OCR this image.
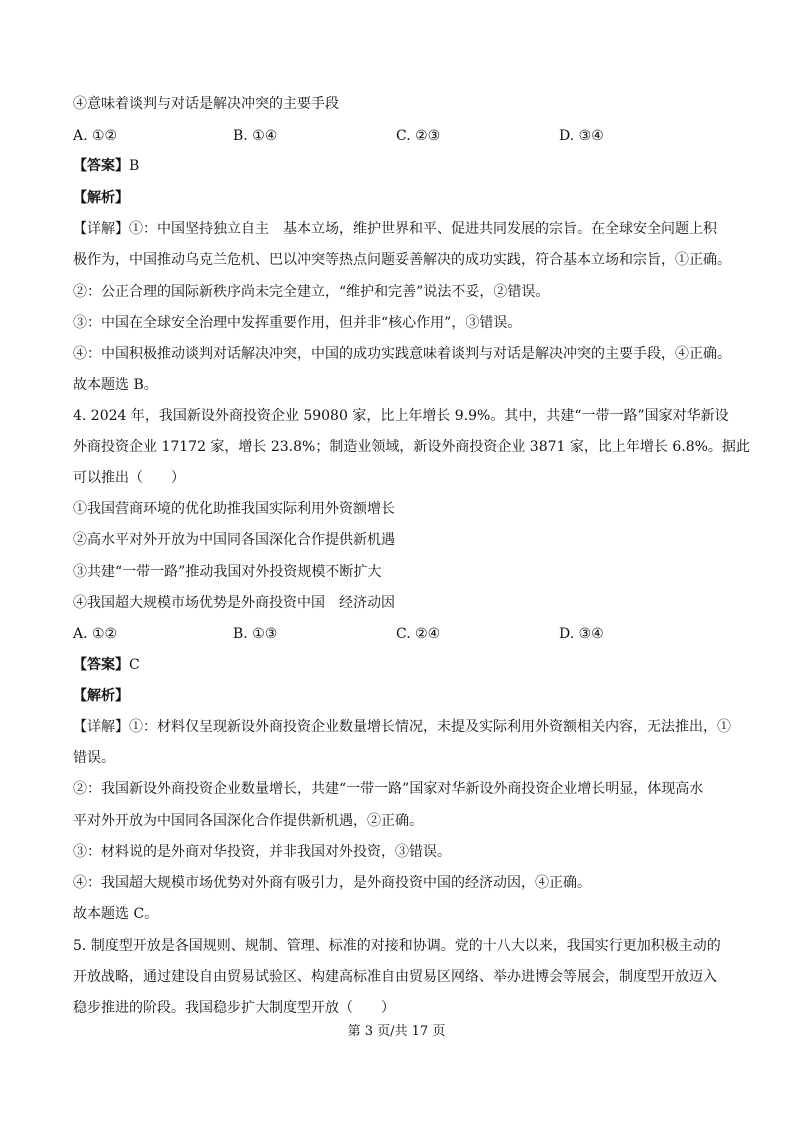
④意味着谈判与对话是解决冲突的主要手段
A. ①②	B. ①④	C. ②③	D. ③④
【答案】B
【解析】
【详解】①：中国坚持独立自主　基本立场，维护世界和平、促进共同发展的宗旨。在全球安全问题上积
极作为，中国推动乌克兰危机、巴以冲突等热点问题妥善解决的成功实践，符合基本立场和宗旨，①正确。
②：公正合理的国际新秩序尚未完全建立，“维护和完善”说法不妥，②错误。
③：中国在全球安全治理中发挥重要作用，但并非“核心作用”，③错误。
④：中国积极推动谈判对话解决冲突，中国的成功实践意味着谈判与对话是解决冲突的主要手段，④正确。
故本题选 B。
4. 2024 年，我国新设外商投资企业 59080 家，比上年增长 9.9%。其中，共建“一带一路”国家对华新设
外商投资企业 17172 家，增长 23.8%；制造业领域，新设外商投资企业 3871 家，比上年增长 6.8%。据此
可以推出（　　）
①我国营商环境的优化助推我国实际利用外资额增长
②高水平对外开放为中国同各国深化合作提供新机遇
③共建“一带一路”推动我国对外投资规模不断扩大
④我国超大规模市场优势是外商投资中国　经济动因
A. ①②	B. ①③	C. ②④	D. ③④
【答案】C
【解析】
【详解】①：材料仅呈现新设外商投资企业数量增长情况，未提及实际利用外资额相关内容，无法推出，①
错误。
②：我国新设外商投资企业数量增长，共建“一带一路”国家对华新设外商投资企业增长明显，体现高水
平对外开放为中国同各国深化合作提供新机遇，②正确。
③：材料说的是外商对华投资，并非我国对外投资，③错误。
④：我国超大规模市场优势对外商有吸引力，是外商投资中国的经济动因，④正确。
故本题选 C。
5. 制度型开放是各国规则、规制、管理、标准的对接和协调。党的十八大以来，我国实行更加积极主动的
开放战略，通过建设自由贸易试验区、构建高标准自由贸易区网络、举办进博会等展会，制度型开放迈入
稳步推进的阶段。我国稳步扩大制度型开放（　　）
第 3 页/共 17 页
